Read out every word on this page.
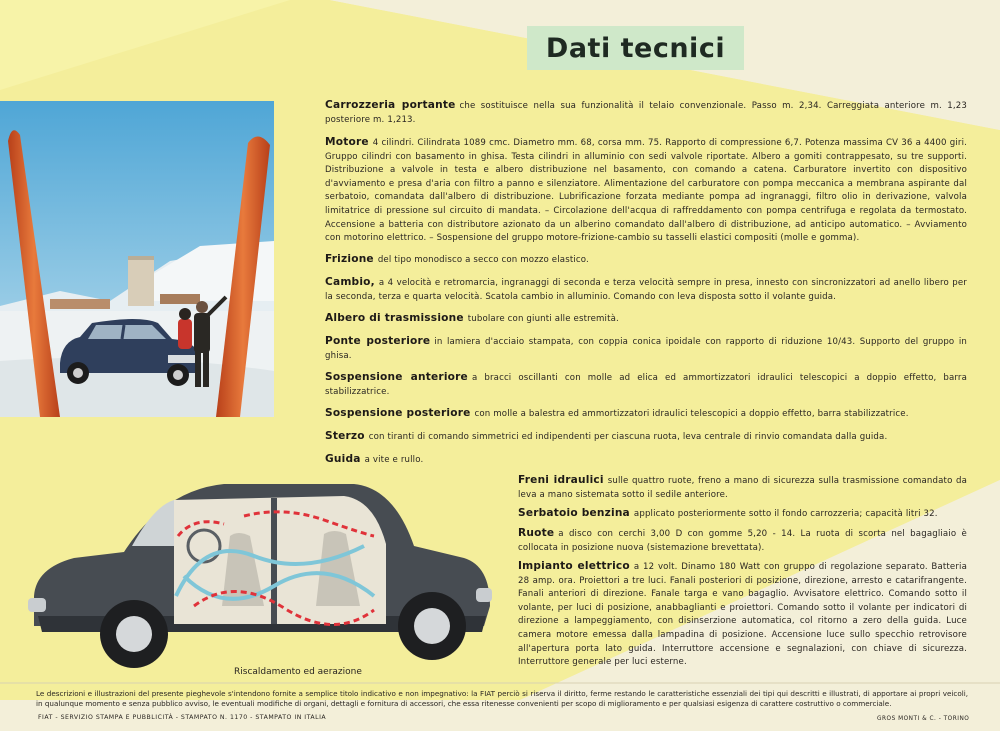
Dati tecnici
Carrozzeria portante che sostituisce nella sua funzionalità il telaio convenzionale. Passo m. 2,34. Carreggiata anteriore m. 1,23 posteriore m. 1,213.
Motore 4 cilindri. Cilindrata 1089 cmc. Diametro mm. 68, corsa mm. 75. Rapporto di compressione 6,7. Potenza massima CV 36 a 4400 giri. Gruppo cilindri con basamento in ghisa. Testa cilindri in alluminio con sedi valvole riportate. Albero a gomiti contrappesato, su tre supporti. Distribuzione a valvole in testa e albero distribuzione nel basamento, con comando a catena. Carburatore invertito con dispositivo d'avviamento e presa d'aria con filtro a panno e silenziatore. Alimentazione del carburatore con pompa meccanica a membrana aspirante dal serbatoio, comandata dall'albero di distribuzione. Lubrificazione forzata mediante pompa ad ingranaggi, filtro olio in derivazione, valvola limitatrice di pressione sul circuito di mandata. – Circolazione dell'acqua di raffreddamento con pompa centrifuga e regolata da termostato. Accensione a batteria con distributore azionato da un alberino comandato dall'albero di distribuzione, ad anticipo automatico. – Avviamento con motorino elettrico. – Sospensione del gruppo motore-frizione-cambio su tasselli elastici compositi (molle e gomma).
Frizione del tipo monodisco a secco con mozzo elastico.
Cambio, a 4 velocità e retromarcia, ingranaggi di seconda e terza velocità sempre in presa, innesto con sincronizzatori ad anello libero per la seconda, terza e quarta velocità. Scatola cambio in alluminio. Comando con leva disposta sotto il volante guida.
Albero di trasmissione tubolare con giunti alle estremità.
Ponte posteriore in lamiera d'acciaio stampata, con coppia conica ipoidale con rapporto di riduzione 10/43. Supporto del gruppo in ghisa.
Sospensione anteriore a bracci oscillanti con molle ad elica ed ammortizzatori idraulici telescopici a doppio effetto, barra stabilizzatrice.
Sospensione posteriore con molle a balestra ed ammortizzatori idraulici telescopici a doppio effetto, barra stabilizzatrice.
Sterzo con tiranti di comando simmetrici ed indipendenti per ciascuna ruota, leva centrale di rinvio comandata dalla guida.
Guida a vite e rullo.
Freni idraulici sulle quattro ruote, freno a mano di sicurezza sulla trasmissione comandato da leva a mano sistemata sotto il sedile anteriore.
Serbatoio benzina applicato posteriormente sotto il fondo carrozzeria; capacità litri 32.
Ruote a disco con cerchi 3,00 D con gomme 5,20 - 14. La ruota di scorta nel bagagliaio è collocata in posizione nuova (sistemazione brevettata).
Impianto elettrico a 12 volt. Dinamo 180 Watt con gruppo di regolazione separato. Batteria 28 amp. ora. Proiettori a tre luci. Fanali posteriori di posizione, direzione, arresto e catarifrangente. Fanali anteriori di direzione. Fanale targa e vano bagaglio. Avvisatore elettrico. Comando sotto il volante, per luci di posizione, anabbaglianti e proiettori. Comando sotto il volante per indicatori di direzione a lampeggiamento, con disinserzione automatica, col ritorno a zero della guida. Luce camera motore emessa dalla lampadina di posizione. Accensione luce sullo specchio retrovisore all'apertura porta lato guida. Interruttore accensione e segnalazioni, con chiave di sicurezza. Interruttore generale per luci esterne.
Riscaldamento ed aerazione
Le descrizioni e illustrazioni del presente pieghevole s'intendono fornite a semplice titolo indicativo e non impegnativo: la FIAT perciò si riserva il diritto, ferme restando le caratteristiche essenziali dei tipi qui descritti e illustrati, di apportare ai propri veicoli, in qualunque momento e senza pubblico avviso, le eventuali modifiche di organi, dettagli e fornitura di accessori, che essa ritenesse convenienti per scopo di miglioramento e per qualsiasi esigenza di carattere costruttivo o commerciale.
FIAT - SERVIZIO STAMPA E PUBBLICITÀ - STAMPATO N. 1170 - STAMPATO IN ITALIA	GROS MONTI & C. - TORINO
